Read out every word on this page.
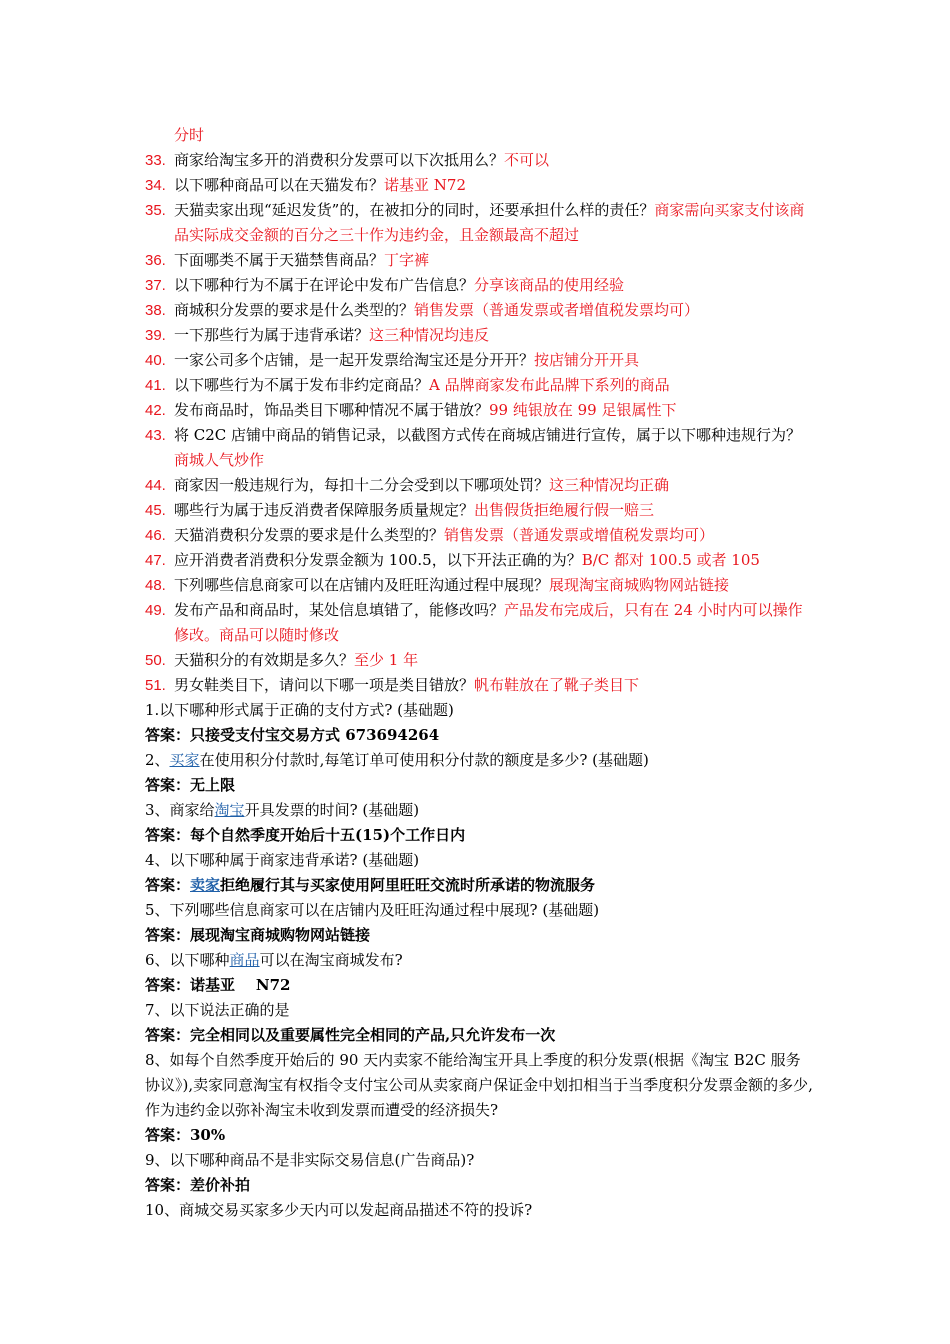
分时
33. 商家给淘宝多开的消费积分发票可以下次抵用么？不可以
34. 以下哪种商品可以在天猫发布？诺基亚 N72
35. 天猫卖家出现“延迟发货”的，在被扣分的同时，还要承担什么样的责任？商家需向买家支付该商品实际成交金额的百分之三十作为违约金，且金额最高不超过
36. 下面哪类不属于天猫禁售商品？丁字裤
37. 以下哪种行为不属于在评论中发布广告信息？分享该商品的使用经验
38. 商城积分发票的要求是什么类型的？销售发票（普通发票或者增值税发票均可）
39. 一下那些行为属于违背承诺？这三种情况均违反
40. 一家公司多个店铺，是一起开发票给淘宝还是分开开？按店铺分开开具
41. 以下哪些行为不属于发布非约定商品？A 品牌商家发布此品牌下系列的商品
42. 发布商品时，饰品类目下哪种情况不属于错放？99 纯银放在 99 足银属性下
43. 将 C2C 店铺中商品的销售记录，以截图方式传在商城店铺进行宣传，属于以下哪种违规行为？商城人气炒作
44. 商家因一般违规行为，每扣十二分会受到以下哪项处罚？这三种情况均正确
45. 哪些行为属于违反消费者保障服务质量规定？出售假货拒绝履行假一赔三
46. 天猫消费积分发票的要求是什么类型的？销售发票（普通发票或增值税发票均可）
47. 应开消费者消费积分发票金额为 100.5，以下开法正确的为？B/C 都对 100.5 或者 105
48. 下列哪些信息商家可以在店铺内及旺旺沟通过程中展现？展现淘宝商城购物网站链接
49. 发布产品和商品时，某处信息填错了，能修改吗？产品发布完成后，只有在 24 小时内可以操作修改。商品可以随时修改
50. 天猫积分的有效期是多久？至少 1 年
51. 男女鞋类目下，请问以下哪一项是类目错放？帆布鞋放在了靴子类目下
1.以下哪种形式属于正确的支付方式? (基础题)
答案：只接受支付宝交易方式 673694264
2、买家在使用积分付款时,每笔订单可使用积分付款的额度是多少? (基础题)
答案：无上限
3、商家给淘宝开具发票的时间? (基础题)
答案：每个自然季度开始后十五(15)个工作日内
4、以下哪种属于商家违背承诺? (基础题)
答案：卖家拒绝履行其与买家使用阿里旺旺交流时所承诺的物流服务
5、下列哪些信息商家可以在店铺内及旺旺沟通过程中展现? (基础题)
答案：展现淘宝商城购物网站链接
6、以下哪种商品可以在淘宝商城发布?
答案：诺基亚    N72
7、以下说法正确的是
答案：完全相同以及重要属性完全相同的产品,只允许发布一次
8、如每个自然季度开始后的 90 天内卖家不能给淘宝开具上季度的积分发票(根据《淘宝 B2C 服务协议》),卖家同意淘宝有权指令支付宝公司从卖家商户保证金中划扣相当于当季度积分发票金额的多少,作为违约金以弥补淘宝未收到发票而遭受的经济损失?
答案：30%
9、以下哪种商品不是非实际交易信息(广告商品)?
答案：差价补拍
10、商城交易买家多少天内可以发起商品描述不符的投诉?
